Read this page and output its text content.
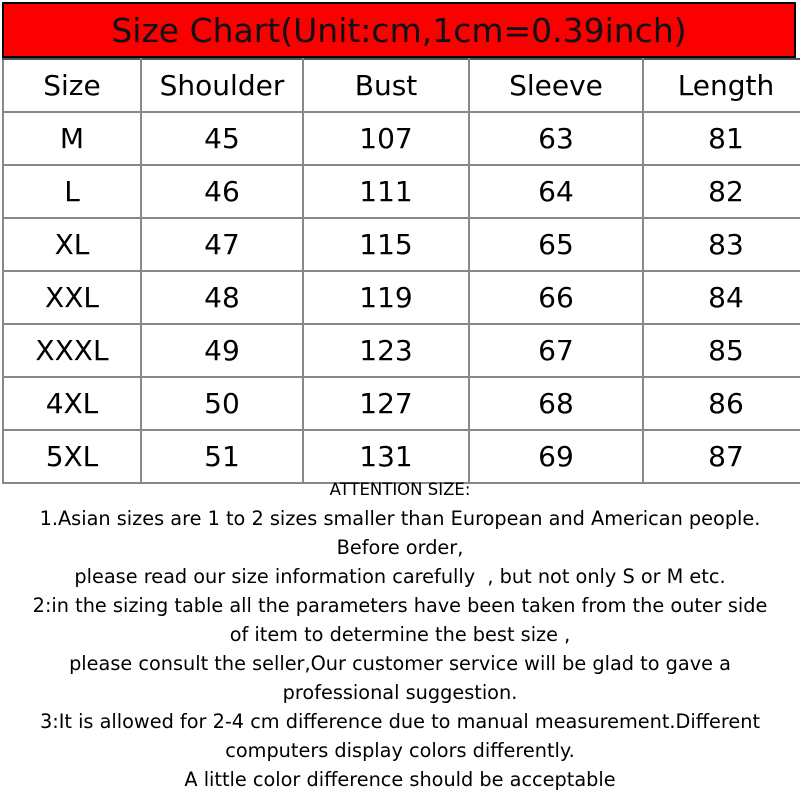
Size Chart(Unit:cm,1cm=0.39inch)
Size	Shoulder	Bust	Sleeve	Length
M	45	107	63	81
L	46	111	64	82
XL	47	115	65	83
XXL	48	119	66	84
XXXL	49	123	67	85
4XL	50	127	68	86
5XL	51	131	69	87
ATTENTION SIZE:
1.Asian sizes are 1 to 2 sizes smaller than European and American people.
Before order,
please read our size information carefully  , but not only S or M etc.
2:in the sizing table all the parameters have been taken from the outer side
of item to determine the best size ,
please consult the seller,Our customer service will be glad to gave a
professional suggestion.
3:It is allowed for 2-4 cm difference due to manual measurement.Different
computers display colors differently.
A little color difference should be acceptable
